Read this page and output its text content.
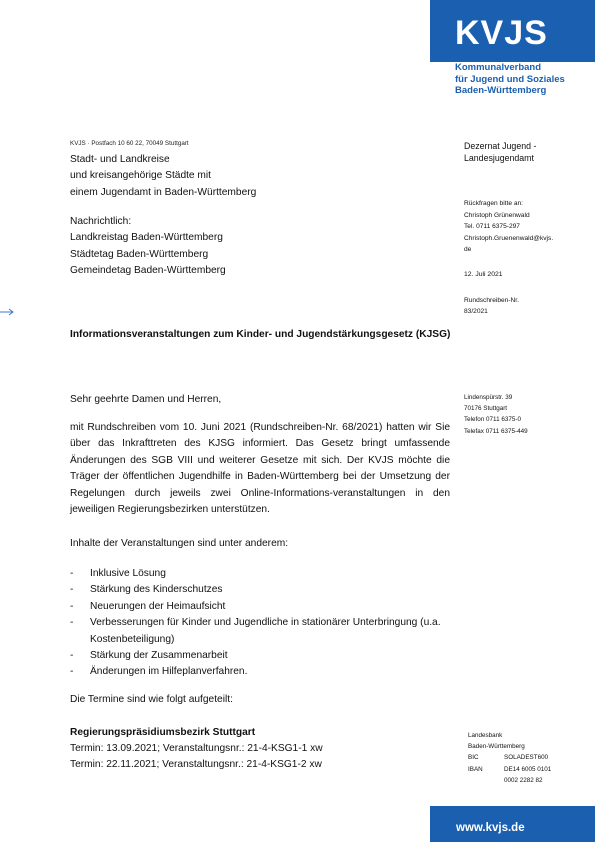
KVJS
Kommunalverband
für Jugend und Soziales
Baden-Württemberg
KVJS · Postfach 10 60 22, 70049 Stuttgart
Stadt- und Landkreise
und kreisangehörige Städte mit
einem Jugendamt in Baden-Württemberg
Nachrichtlich:
Landkreistag Baden-Württemberg
Städtetag Baden-Württemberg
Gemeindetag Baden-Württemberg
Dezernat Jugend -
Landesjugendamt
Rückfragen bitte an:
Christoph Grünenwald
Tel. 0711 6375-297
Christoph.Gruenenwald@kvjs.
de
12. Juli 2021
Rundschreiben-Nr.
83/2021
Lindenspürstr. 39
70176 Stuttgart
Telefon 0711 6375-0
Telefax 0711 6375-449
Informationsveranstaltungen zum Kinder- und Jugendstärkungsgesetz (KJSG)
Sehr geehrte Damen und Herren,
mit Rundschreiben vom 10. Juni 2021 (Rundschreiben-Nr. 68/2021) hatten wir Sie über das Inkrafttreten des KJSG informiert. Das Gesetz bringt umfassende Änderungen des SGB VIII und weiterer Gesetze mit sich. Der KVJS möchte die Träger der öffentlichen Jugendhilfe in Baden-Württemberg bei der Umsetzung der Regelungen durch jeweils zwei Online-Informations-veranstaltungen in den jeweiligen Regierungsbezirken unterstützen.
Inhalte der Veranstaltungen sind unter anderem:
-	Inklusive Lösung
-	Stärkung des Kinderschutzes
-	Neuerungen der Heimaufsicht
-	Verbesserungen für Kinder und Jugendliche in stationärer Unterbringung (u.a. Kostenbeteiligung)
-	Stärkung der Zusammenarbeit
-	Änderungen im Hilfeplanverfahren.
Die Termine sind wie folgt aufgeteilt:
Regierungspräsidiumsbezirk Stuttgart
Termin: 13.09.2021; Veranstaltungsnr.: 21-4-KSG1-1 xw
Termin: 22.11.2021; Veranstaltungsnr.: 21-4-KSG1-2 xw
Landesbank
Baden-Württemberg
BIC	SOLADEST600
IBAN	DE14 6005 0101
0002 2282 82
www.kvjs.de
